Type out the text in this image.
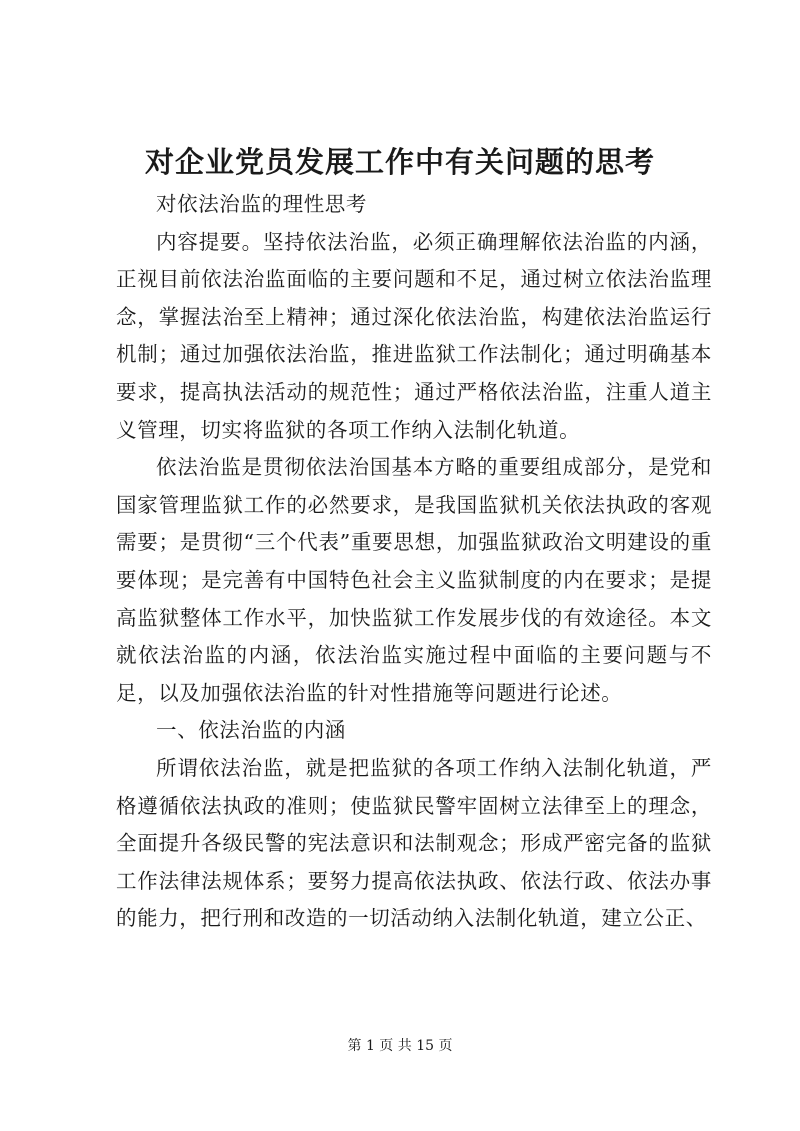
对企业党员发展工作中有关问题的思考

对依法治监的理性思考

内容提要。坚持依法治监，必须正确理解依法治监的内涵，正视目前依法治监面临的主要问题和不足，通过树立依法治监理念，掌握法治至上精神；通过深化依法治监，构建依法治监运行机制；通过加强依法治监，推进监狱工作法制化；通过明确基本要求，提高执法活动的规范性；通过严格依法治监，注重人道主义管理，切实将监狱的各项工作纳入法制化轨道。

依法治监是贯彻依法治国基本方略的重要组成部分，是党和国家管理监狱工作的必然要求，是我国监狱机关依法执政的客观需要；是贯彻“三个代表”重要思想，加强监狱政治文明建设的重要体现；是完善有中国特色社会主义监狱制度的内在要求；是提高监狱整体工作水平，加快监狱工作发展步伐的有效途径。本文就依法治监的内涵，依法治监实施过程中面临的主要问题与不足，以及加强依法治监的针对性措施等问题进行论述。

一、依法治监的内涵

所谓依法治监，就是把监狱的各项工作纳入法制化轨道，严格遵循依法执政的准则；使监狱民警牢固树立法律至上的理念，全面提升各级民警的宪法意识和法制观念；形成严密完备的监狱工作法律法规体系；要努力提高依法执政、依法行政、依法办事的能力，把行刑和改造的一切活动纳入法制化轨道，建立公正、

第 1 页 共 15 页
